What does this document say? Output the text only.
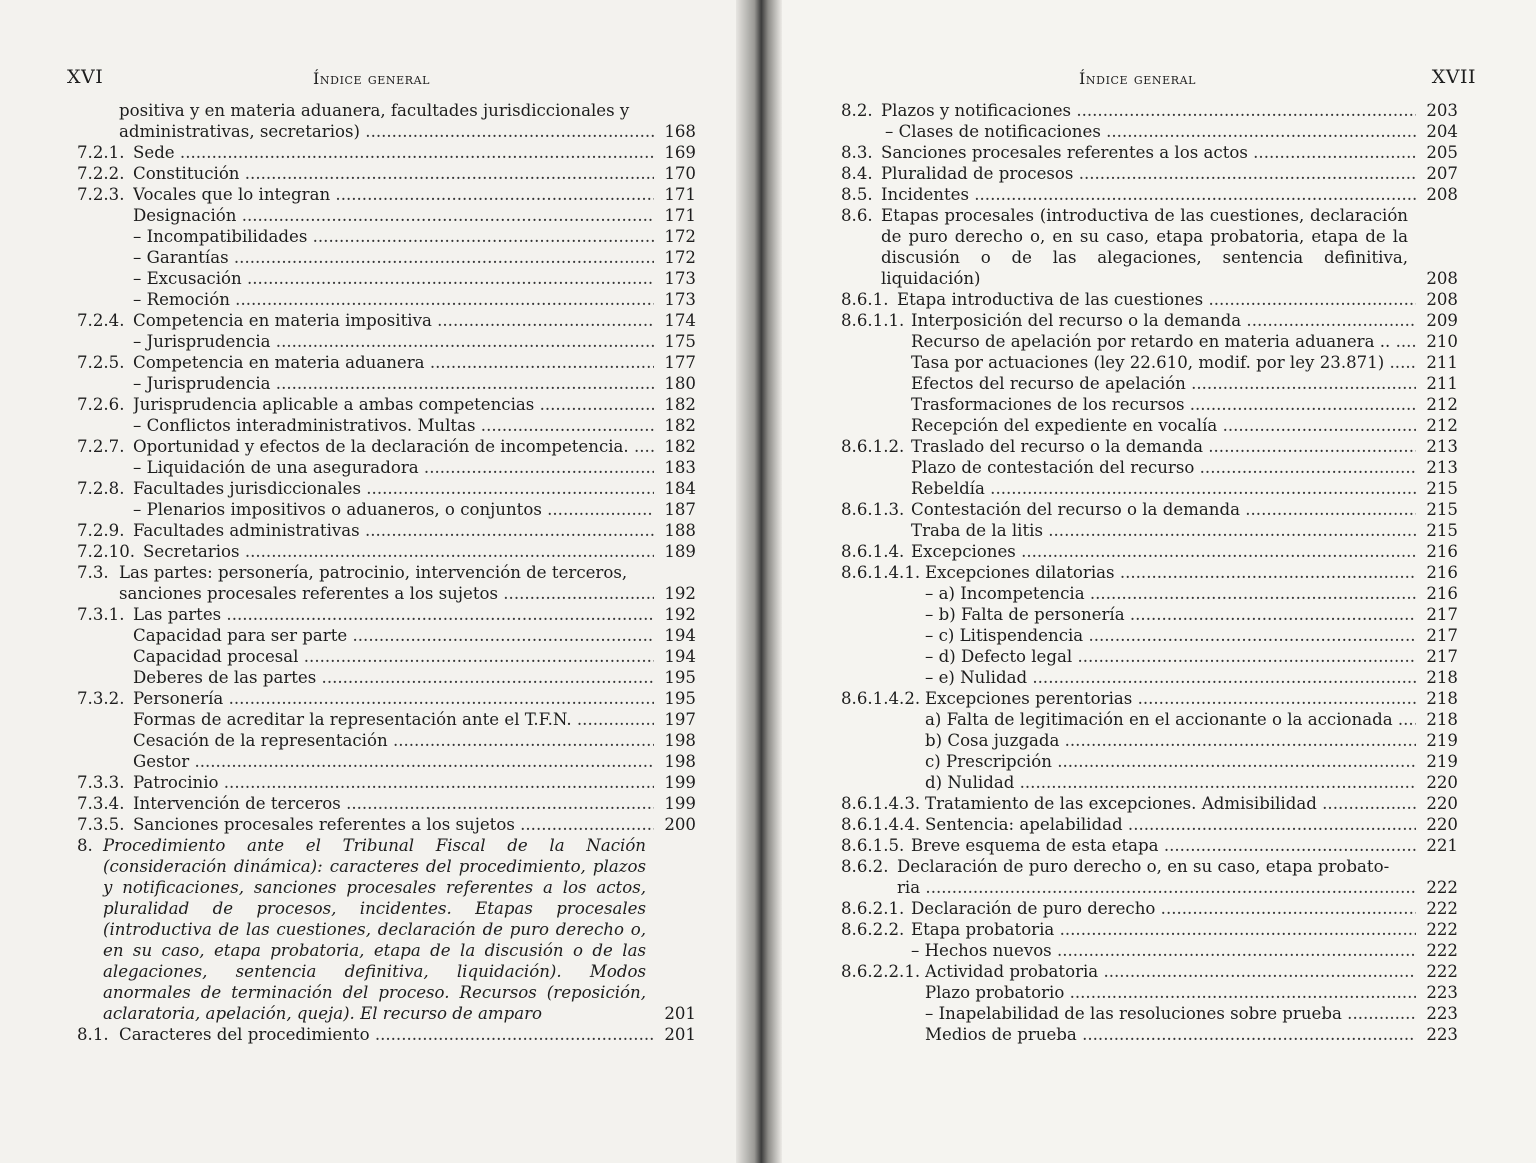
XVI	Índice general
positiva y en materia aduanera, facultades jurisdiccionales y
administrativas, secretarios) .....	168
7.2.1. Sede .....	169
7.2.2. Constitución .....	170
7.2.3. Vocales que lo integran .....	171
Designación .....	171
– Incompatibilidades .....	172
– Garantías .....	172
– Excusación .....	173
– Remoción .....	173
7.2.4. Competencia en materia impositiva .....	174
– Jurisprudencia .....	175
7.2.5. Competencia en materia aduanera .....	177
– Jurisprudencia .....	180
7.2.6. Jurisprudencia aplicable a ambas competencias .....	182
– Conflictos interadministrativos. Multas .....	182
7.2.7. Oportunidad y efectos de la declaración de incompetencia. .....	182
– Liquidación de una aseguradora .....	183
7.2.8. Facultades jurisdiccionales .....	184
– Plenarios impositivos o aduaneros, o conjuntos .....	187
7.2.9. Facultades administrativas .....	188
7.2.10. Secretarios .....	189
7.3. Las partes: personería, patrocinio, intervención de terceros,
sanciones procesales referentes a los sujetos .....	192
7.3.1. Las partes .....	192
Capacidad para ser parte .....	194
Capacidad procesal .....	194
Deberes de las partes .....	195
7.3.2. Personería .....	195
Formas de acreditar la representación ante el T.F.N. .....	197
Cesación de la representación .....	198
Gestor .....	198
7.3.3. Patrocinio .....	199
7.3.4. Intervención de terceros .....	199
7.3.5. Sanciones procesales referentes a los sujetos .....	200
8. Procedimiento ante el Tribunal Fiscal de la Nación (consideración dinámica): caracteres del procedimiento, plazos y notificaciones, sanciones procesales referentes a los actos, pluralidad de procesos, incidentes. Etapas procesales (introductiva de las cuestiones, declaración de puro derecho o, en su caso, etapa probatoria, etapa de la discusión o de las alegaciones, sentencia definitiva, liquidación). Modos anormales de terminación del proceso. Recursos (reposición, aclaratoria, apelación, queja). El recurso de amparo	201
8.1. Caracteres del procedimiento .....	201
Índice general	XVII
8.2. Plazos y notificaciones .....	203
– Clases de notificaciones .....	204
8.3. Sanciones procesales referentes a los actos .....	205
8.4. Pluralidad de procesos .....	207
8.5. Incidentes .....	208
8.6. Etapas procesales (introductiva de las cuestiones, declaración de puro derecho o, en su caso, etapa probatoria, etapa de la discusión o de las alegaciones, sentencia definitiva, liquidación)	208
8.6.1. Etapa introductiva de las cuestiones .....	208
8.6.1.1. Interposición del recurso o la demanda .....	209
Recurso de apelación por retardo en materia aduanera .. .....	210
Tasa por actuaciones (ley 22.610, modif. por ley 23.871) .....	211
Efectos del recurso de apelación .....	211
Trasformaciones de los recursos .....	212
Recepción del expediente en vocalía .....	212
8.6.1.2. Traslado del recurso o la demanda .....	213
Plazo de contestación del recurso .....	213
Rebeldía .....	215
8.6.1.3. Contestación del recurso o la demanda .....	215
Traba de la litis .....	215
8.6.1.4. Excepciones .....	216
8.6.1.4.1. Excepciones dilatorias .....	216
– a) Incompetencia .....	216
– b) Falta de personería .....	217
– c) Litispendencia .....	217
– d) Defecto legal .....	217
– e) Nulidad .....	218
8.6.1.4.2. Excepciones perentorias .....	218
a) Falta de legitimación en el accionante o la accionada .....	218
b) Cosa juzgada .....	219
c) Prescripción .....	219
d) Nulidad .....	220
8.6.1.4.3. Tratamiento de las excepciones. Admisibilidad .....	220
8.6.1.4.4. Sentencia: apelabilidad .....	220
8.6.1.5. Breve esquema de esta etapa .....	221
8.6.2. Declaración de puro derecho o, en su caso, etapa probato-
ria .....	222
8.6.2.1. Declaración de puro derecho .....	222
8.6.2.2. Etapa probatoria .....	222
– Hechos nuevos .....	222
8.6.2.2.1. Actividad probatoria .....	222
Plazo probatorio .....	223
– Inapelabilidad de las resoluciones sobre prueba .....	223
Medios de prueba .....	223
